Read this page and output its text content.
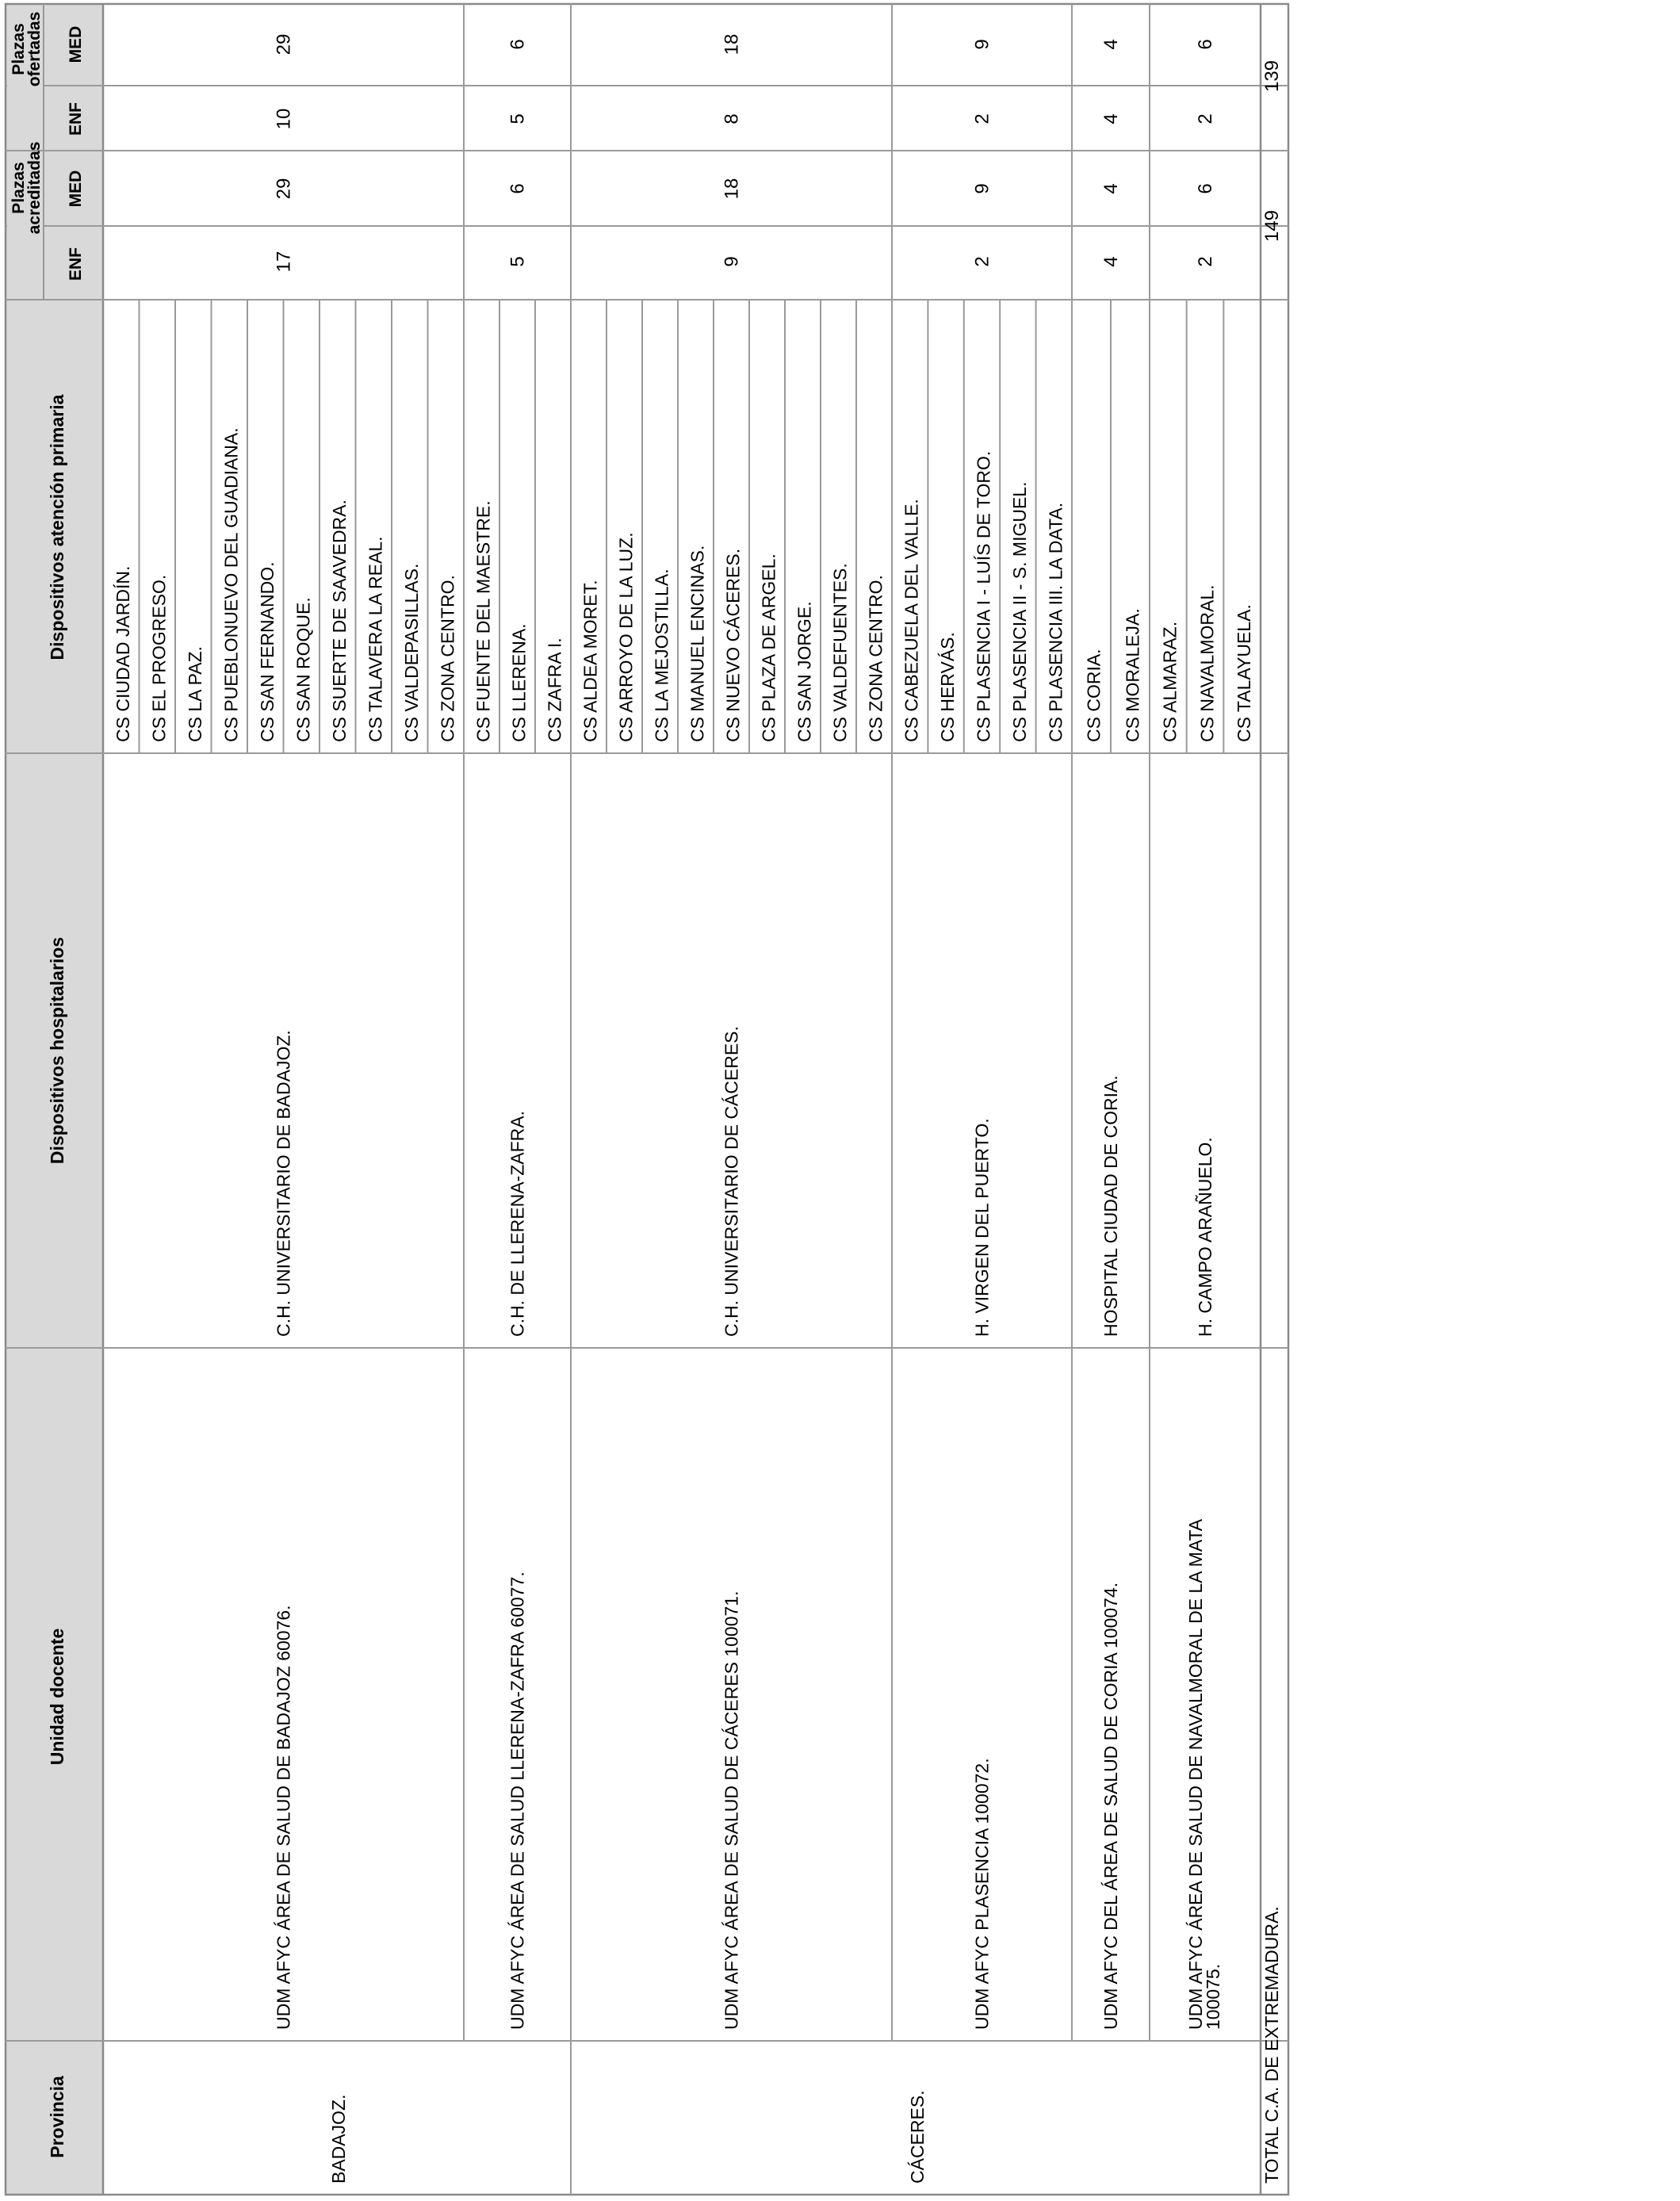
Provincia
Unidad docente
Dispositivos hospitalarios
Dispositivos atención primaria
Plazas
acreditadas
Plazas
ofertadas
ENF
MED
ENF
MED
CS CIUDAD JARDÍN. CS EL PROGRESO. CS LA PAZ. CS PUEBLONUEVO DEL GUADIANA. CS SAN FERNANDO. CS SAN ROQUE. CS SUERTE DE SAAVEDRA. CS TALAVERA LA REAL. CS VALDEPASILLAS. CS ZONA CENTRO.
C.H. UNIVERSITARIO DE BADAJOZ.
UDM AFYC ÁREA DE SALUD DE BADAJOZ 60076.
17
29
10
29
CS FUENTE DEL MAESTRE. CS LLERENA. CS ZAFRA I.
C.H. DE LLERENA-ZAFRA.
UDM AFYC ÁREA DE SALUD LLERENA-ZAFRA 60077.
5
6
5
6
CS ALDEA MORET. CS ARROYO DE LA LUZ. CS LA MEJOSTILLA. CS MANUEL ENCINAS. CS NUEVO CÁCERES. CS PLAZA DE ARGEL. CS SAN JORGE. CS VALDEFUENTES. CS ZONA CENTRO.
C.H. UNIVERSITARIO DE CÁCERES.
UDM AFYC ÁREA DE SALUD DE CÁCERES 100071.
9
18
8
18
CS CABEZUELA DEL VALLE. CS HERVÁS. CS PLASENCIA I - LUÍS DE TORO. CS PLASENCIA II - S. MIGUEL. CS PLASENCIA III. LA DATA.
H. VIRGEN DEL PUERTO.
UDM AFYC PLASENCIA 100072.
2
9
2
9
CS CORIA. CS MORALEJA.
HOSPITAL CIUDAD DE CORIA.
UDM AFYC DEL ÁREA DE SALUD DE CORIA 100074.
4
4
4
4
CS ALMARAZ. CS NAVALMORAL. CS TALAYUELA.
H. CAMPO ARAÑUELO.
UDM AFYC ÁREA DE SALUD DE NAVALMORAL DE LA MATA
100075.
2
6
2
6
BADAJOZ.	CÁCERES.	TOTAL C.A. DE EXTREMADURA.
149
139
